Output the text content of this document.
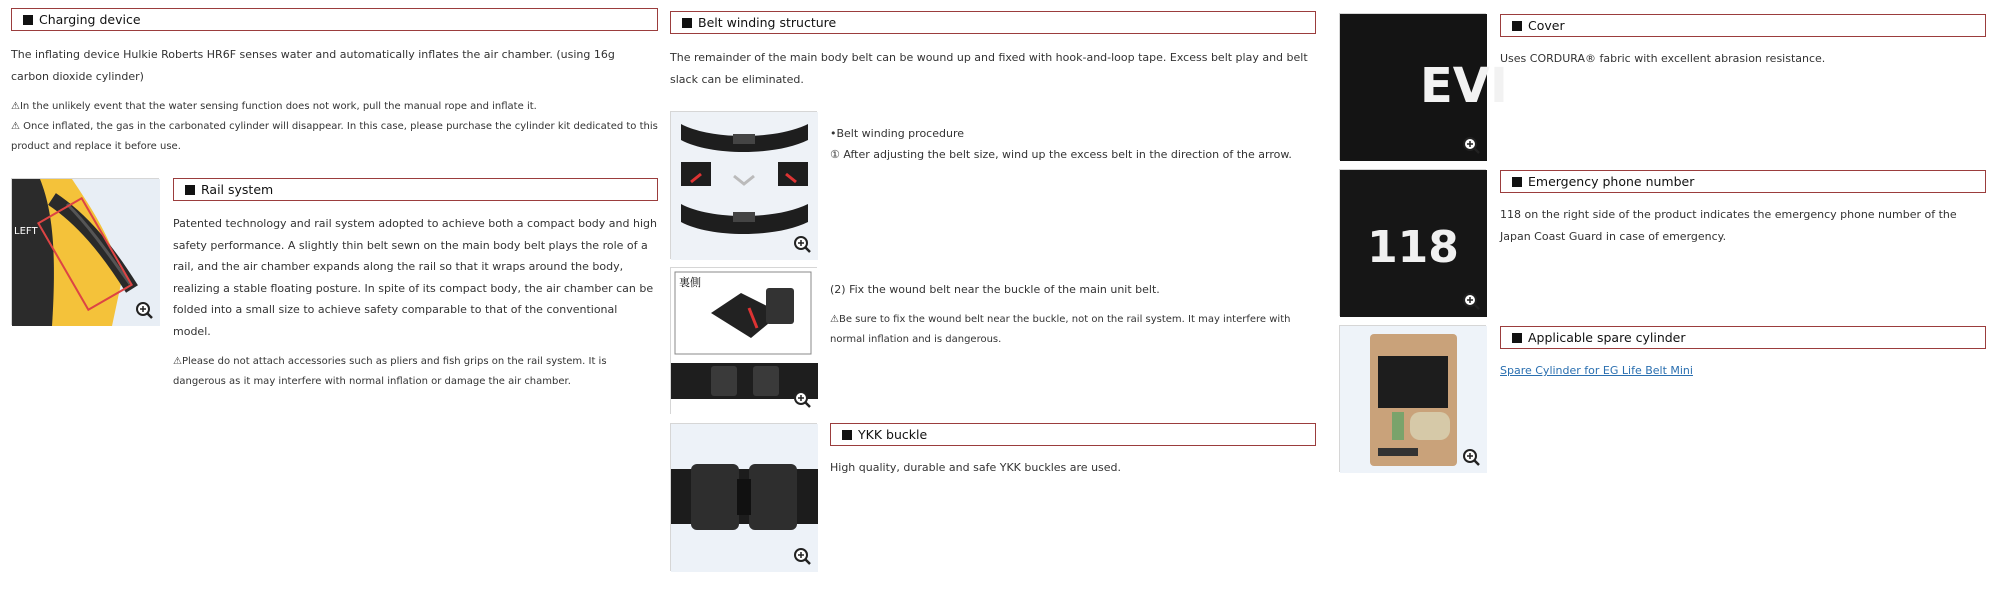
Charging device
The inflating device Hulkie Roberts HR6F senses water and automatically inflates the air chamber. (using 16g carbon dioxide cylinder)
⚠In the unlikely event that the water sensing function does not work, pull the manual rope and inflate it.
⚠ Once inflated, the gas in the carbonated cylinder will disappear. In this case, please purchase the cylinder kit dedicated to this product and replace it before use.
LEFT
Rail system
Patented technology and rail system adopted to achieve both a compact body and high safety performance. A slightly thin belt sewn on the main body belt plays the role of a rail, and the air chamber expands along the rail so that it wraps around the body, realizing a stable floating posture. In spite of its compact body, the air chamber can be folded into a small size to achieve safety comparable to that of the conventional model.
⚠Please do not attach accessories such as pliers and fish grips on the rail system. It is dangerous as it may interfere with normal inflation or damage the air chamber.
Belt winding structure
The remainder of the main body belt can be wound up and fixed with hook-and-loop tape. Excess belt play and belt slack can be eliminated.
•Belt winding procedure
① After adjusting the belt size, wind up the excess belt in the direction of the arrow.
裏側
(2) Fix the wound belt near the buckle of the main unit belt.
⚠Be sure to fix the wound belt near the buckle, not on the rail system. It may interfere with normal inflation and is dangerous.
YKK buckle
High quality, durable and safe YKK buckles are used.
EVI
Cover
Uses CORDURA® fabric with excellent abrasion resistance.
118
Emergency phone number
118 on the right side of the product indicates the emergency phone number of the Japan Coast Guard in case of emergency.
Applicable spare cylinder
Spare Cylinder for EG Life Belt Mini
